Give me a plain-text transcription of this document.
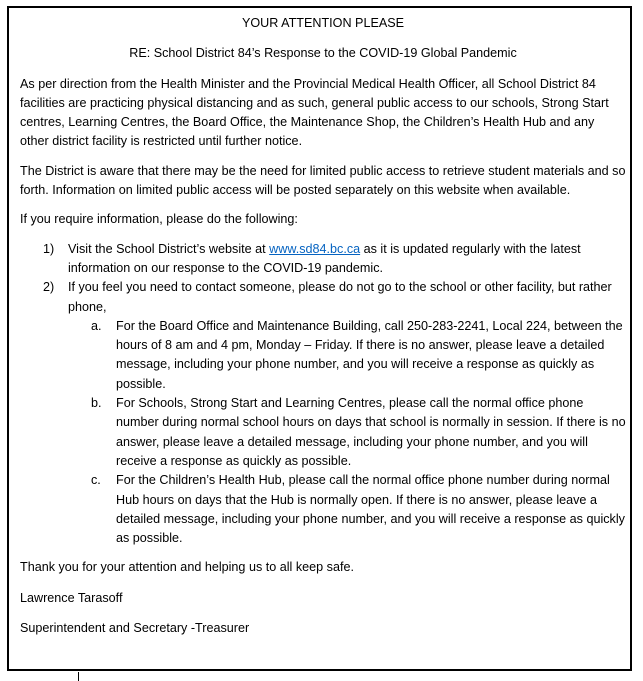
YOUR ATTENTION PLEASE

RE: School District 84’s Response to the COVID-19 Global Pandemic

As per direction from the Health Minister and the Provincial Medical Health Officer, all School District 84 facilities are practicing physical distancing and as such, general public access to our schools, Strong Start centres, Learning Centres, the Board Office, the Maintenance Shop, the Children’s Health Hub and any other district facility is restricted until further notice.

The District is aware that there may be the need for limited public access to retrieve student materials and so forth. Information on limited public access will be posted separately on this website when available.

If you require information, please do the following:

1) Visit the School District’s website at www.sd84.bc.ca as it is updated regularly with the latest information on our response to the COVID-19 pandemic.
2) If you feel you need to contact someone, please do not go to the school or other facility, but rather phone,
a. For the Board Office and Maintenance Building, call 250-283-2241, Local 224, between the hours of 8 am and 4 pm, Monday – Friday. If there is no answer, please leave a detailed message, including your phone number, and you will receive a response as quickly as possible.
b. For Schools, Strong Start and Learning Centres, please call the normal office phone number during normal school hours on days that school is normally in session. If there is no answer, please leave a detailed message, including your phone number, and you will receive a response as quickly as possible.
c. For the Children’s Health Hub, please call the normal office phone number during normal Hub hours on days that the Hub is normally open. If there is no answer, please leave a detailed message, including your phone number, and you will receive a response as quickly as possible.

Thank you for your attention and helping us to all keep safe.

Lawrence Tarasoff

Superintendent and Secretary -Treasurer
